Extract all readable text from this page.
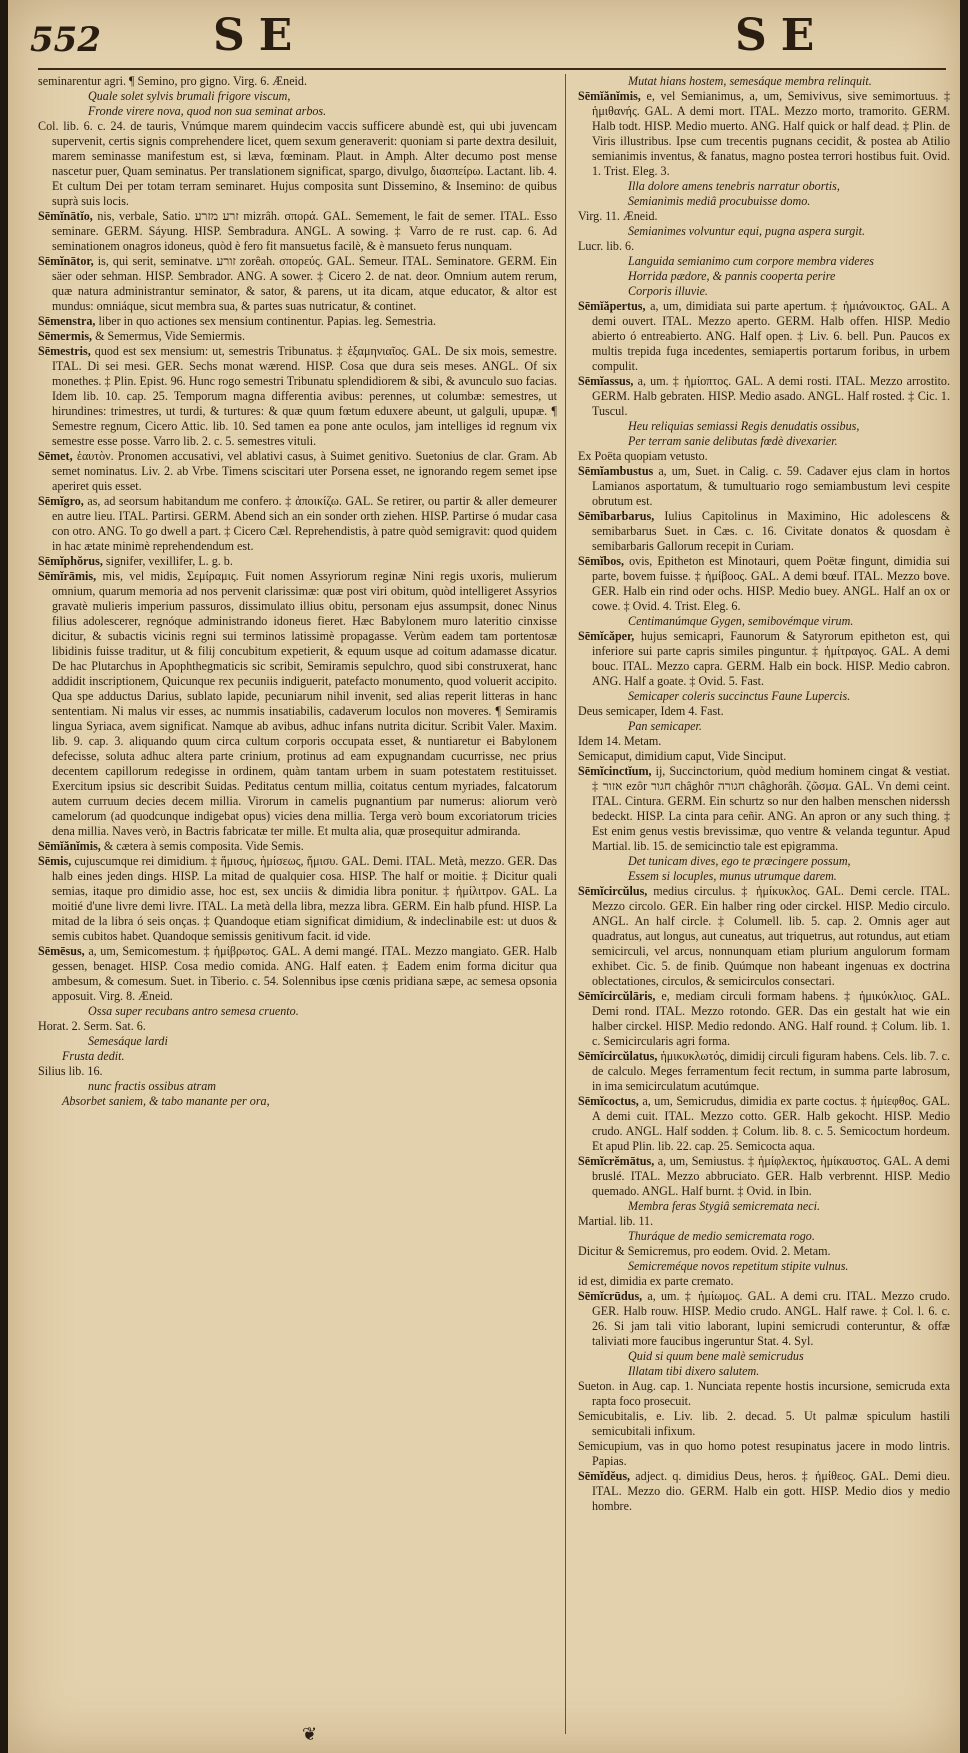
552	SE	SE

seminarentur agri. ¶ Semino, pro gigno. Virg. 6. Æneid.

Quale solet sylvis brumali frigore viscum,

Fronde virere nova, quod non sua seminat arbos.

Col. lib. 6. c. 24. de tauris, Vnúmque marem quindecim vaccis sufficere abundè est, qui ubi juvencam supervenit, certis signis comprehendere licet, quem sexum generaverit: quoniam si parte dextra desiluit, marem seminasse manifestum est, si læva, fœminam. Plaut. in Amph. Alter decumo post mense nascetur puer, Quam seminatus. Per translationem significat, spargo, divulgo, διασπείρω. Lactant. lib. 4. Et cultum Dei per totam terram seminaret. Hujus composita sunt Dissemino, & Insemino: de quibus suprà suis locis.

Sēmĭnātĭo, nis, verbale, Satio. זרע מזרע mizrâh. σπορά. GAL. Semement, le fait de semer. ITAL. Esso seminare. GERM. Sáyung. HISP. Sembradura. ANGL. A sowing. ‡ Varro de re rust. cap. 6. Ad seminationem onagros idoneus, quòd è fero fit mansuetus facilè, & è mansueto ferus nunquam.

Sēmĭnātor, is, qui serit, seminatve. זורע zorêah. σπορεύς. GAL. Semeur. ITAL. Seminatore. GERM. Ein säer oder sehman. HISP. Sembrador. ANG. A sower. ‡ Cicero 2. de nat. deor. Omnium autem rerum, quæ natura administrantur seminator, & sator, & parens, ut ita dicam, atque educator, & altor est mundus: omniáque, sicut membra sua, & partes suas nutricatur, & continet.

Sēmenstra, liber in quo actiones sex mensium continentur. Papias. leg. Semestria.

Sēmermis, & Semermus, Vide Semiermis.

Sēmestris, quod est sex mensium: ut, semestris Tribunatus. ‡ ἑξαμηνιαῖος. GAL. De six mois, semestre. ITAL. Di sei mesi. GER. Sechs monat wærend. HISP. Cosa que dura seis meses. ANGL. Of six monethes. ‡ Plin. Epist. 96. Hunc rogo semestri Tribunatu splendidiorem & sibi, & avunculo suo facias. Idem lib. 10. cap. 25. Temporum magna differentia avibus: perennes, ut columbæ: semestres, ut hirundines: trimestres, ut turdi, & turtures: & quæ quum fœtum eduxere abeunt, ut galguli, upupæ. ¶ Semestre regnum, Cicero Attic. lib. 10. Sed tamen ea pone ante oculos, jam intelliges id regnum vix semestre esse posse. Varro lib. 2. c. 5. semestres vituli.

Sēmet, ἑαυτὸν. Pronomen accusativi, vel ablativi casus, à Suimet genitivo. Suetonius de clar. Gram. Ab semet nominatus. Liv. 2. ab Vrbe. Timens sciscitari uter Porsena esset, ne ignorando regem semet ipse aperiret quis esset.

Sēmĭgro, as, ad seorsum habitandum me confero. ‡ ἀποικίζω. GAL. Se retirer, ou partir & aller demeurer en autre lieu. ITAL. Partirsi. GERM. Abend sich an ein sonder orth ziehen. HISP. Partirse ó mudar casa con otro. ANG. To go dwell a part. ‡ Cicero Cæl. Reprehendistis, à patre quòd semigravit: quod quidem in hac ætate minimè reprehendendum est.

Sēmĭphŏrus, signifer, vexillifer, L. g. b.

Sēmĭrāmis, mis, vel midis, Σεμίραμις. Fuit nomen Assyriorum reginæ Nini regis uxoris, mulierum omnium, quarum memoria ad nos pervenit clarissimæ: quæ post viri obitum, quòd intelligeret Assyrios gravatè mulieris imperium passuros, dissimulato illius obitu, personam ejus assumpsit, donec Ninus filius adolescerer, regnóque administrando idoneus fieret. Hæc Babylonem muro lateritio cinxisse dicitur, & subactis vicinis regni sui terminos latissimè propagasse. Verùm eadem tam portentosæ libidinis fuisse traditur, ut & filij concubitum expetierit, & equum usque ad coitum adamasse dicatur. De hac Plutarchus in Apophthegmaticis sic scribit, Semiramis sepulchro, quod sibi construxerat, hanc addidit inscriptionem, Quicunque rex pecuniis indiguerit, patefacto monumento, quod voluerit accipito. Qua spe adductus Darius, sublato lapide, pecuniarum nihil invenit, sed alias reperit litteras in hanc sententiam. Ni malus vir esses, ac nummis insatiabilis, cadaverum loculos non moveres. ¶ Semiramis lingua Syriaca, avem significat. Namque ab avibus, adhuc infans nutrita dicitur. Scribit Valer. Maxim. lib. 9. cap. 3. aliquando quum circa cultum corporis occupata esset, & nuntiaretur ei Babylonem defecisse, soluta adhuc altera parte crinium, protinus ad eam expugnandam cucurrisse, nec prius decentem capillorum redegisse in ordinem, quàm tantam urbem in suam potestatem restituisset. Exercitum ipsius sic describit Suidas. Peditatus centum millia, coitatus centum myriades, falcatorum autem curruum decies decem millia. Virorum in camelis pugnantium par numerus: aliorum verò camelorum (ad quodcunque indigebat opus) vicies dena millia. Terga verò boum excoriatorum tricies dena millia. Naves verò, in Bactris fabricatæ ter mille. Et multa alia, quæ prosequitur admiranda.

Sēmĭănĭmis, & cætera à semis composita. Vide Semis.

Sēmis, cujuscumque rei dimidium. ‡ ἥμισυς, ἡμίσεως, ἥμισυ. GAL. Demi. ITAL. Metà, mezzo. GER. Das halb eines jeden dings. HISP. La mitad de qualquier cosa. HISP. The half or moitie. ‡ Dicitur quali semias, itaque pro dimidio asse, hoc est, sex unciis & dimidia libra ponitur. ‡ ἡμίλιτρον. GAL. La moitié d'une livre demi livre. ITAL. La metà della libra, mezza libra. GERM. Ein halb pfund. HISP. La mitad de la libra ó seis onças. ‡ Quandoque etiam significat dimidium, & indeclinabile est: ut duos & semis cubitos habet. Quandoque semissis genitivum facit. id vide.

Sēmēsus, a, um, Semicomestum. ‡ ἡμίβρωτος. GAL. A demi mangé. ITAL. Mezzo mangiato. GER. Halb gessen, benaget. HISP. Cosa medio comida. ANG. Half eaten. ‡ Eadem enim forma dicitur qua ambesum, & comesum. Suet. in Tiberio. c. 54. Solennibus ipse cœnis pridiana sæpe, ac semesa opsonia apposuit. Virg. 8. Æneid.

Ossa super recubans antro semesa cruento.

Horat. 2. Serm. Sat. 6.

Semesáque lardi

Frusta dedit.

Silius lib. 16.

nunc fractis ossibus atram

Absorbet saniem, & tabo manante per ora,

Mutat hians hostem, semesáque membra relinquit.

Sēmĭănĭmis, e, vel Semianimus, a, um, Semivivus, sive semimortuus. ‡ ἡμιθανής. GAL. A demi mort. ITAL. Mezzo morto, tramorito. GERM. Halb todt. HISP. Medio muerto. ANG. Half quick or half dead. ‡ Plin. de Viris illustribus. Ipse cum trecentis pugnans cecidit, & postea ab Atilio semianimis inventus, & fanatus, magno postea terrori hostibus fuit. Ovid. 1. Trist. Eleg. 3.

Illa dolore amens tenebris narratur obortis,

Semianimis mediâ procubuisse domo.

Virg. 11. Æneid.

Semianimes volvuntur equi, pugna aspera surgit.

Lucr. lib. 6.

Languida semianimo cum corpore membra videres

Horrida pædore, & pannis cooperta perire

Corporis illuvie.

Sēmĭăpertus, a, um, dimidiata sui parte apertum. ‡ ἡμιάνοικτος. GAL. A demi ouvert. ITAL. Mezzo aperto. GERM. Halb offen. HISP. Medio abierto ó entreabierto. ANG. Half open. ‡ Liv. 6. bell. Pun. Paucos ex multis trepida fuga incedentes, semiapertis portarum foribus, in urbem compulit.

Sēmĭassus, a, um. ‡ ἡμίοπτος. GAL. A demi rosti. ITAL. Mezzo arrostito. GERM. Halb gebraten. HISP. Medio asado. ANGL. Half rosted. ‡ Cic. 1. Tuscul.

Heu reliquias semiassi Regis denudatis ossibus,

Per terram sanie delibutas fœdè divexarier.

Ex Poëta quopiam vetusto.

Sēmĭambustus a, um, Suet. in Calig. c. 59. Cadaver ejus clam in hortos Lamianos asportatum, & tumultuario rogo semiambustum levi cespite obrutum est.

Sēmĭbarbarus, Iulius Capitolinus in Maximino, Hic adolescens & semibarbarus Suet. in Cæs. c. 16. Civitate donatos & quosdam è semibarbaris Gallorum recepit in Curiam.

Sēmĭbos, ovis, Epitheton est Minotauri, quem Poëtæ fingunt, dimidia sui parte, bovem fuisse. ‡ ἡμίβοος. GAL. A demi bœuf. ITAL. Mezzo bove. GER. Halb ein rind oder ochs. HISP. Medio buey. ANGL. Half an ox or cowe. ‡ Ovid. 4. Trist. Eleg. 6.

Centimanúmque Gygen, semibovémque virum.

Sēmĭcăper, hujus semicapri, Faunorum & Satyrorum epitheton est, qui inferiore sui parte capris similes pinguntur. ‡ ἡμίτραγος. GAL. A demi bouc. ITAL. Mezzo capra. GERM. Halb ein bock. HISP. Medio cabron. ANG. Half a goate. ‡ Ovid. 5. Fast.

Semicaper coleris succinctus Faune Lupercis.

Deus semicaper, Idem 4. Fast.

Pan semicaper.

Idem 14. Metam.

Semicaput, dimidium caput, Vide Sinciput.

Sēmĭcinctĭum, ij, Succinctorium, quòd medium hominem cingat & vestiat. ‡ אזור ezôr חגור châghôr חגורה châghorâh. ζῶσμα. GAL. Vn demi ceint. ITAL. Cintura. GERM. Ein schurtz so nur den halben menschen niderssh bedeckt. HISP. La cinta para ceñir. ANG. An apron or any such thing. ‡ Est enim genus vestis brevissimæ, quo ventre & velanda teguntur. Apud Martial. lib. 15. de semicinctio tale est epigramma.

Det tunicam dives, ego te præcingere possum,

Essem si locuples, munus utrumque darem.

Sēmĭcircŭlus, medius circulus. ‡ ἡμίκυκλος. GAL. Demi cercle. ITAL. Mezzo circolo. GER. Ein halber ring oder circkel. HISP. Medio circulo. ANGL. An half circle. ‡ Columell. lib. 5. cap. 2. Omnis ager aut quadratus, aut longus, aut cuneatus, aut triquetrus, aut rotundus, aut etiam semicirculi, vel arcus, nonnunquam etiam plurium angulorum formam exhibet. Cic. 5. de finib. Quúmque non habeant ingenuas ex doctrina oblectationes, circulos, & semicirculos consectari.

Sēmĭcircŭlāris, e, mediam circuli formam habens. ‡ ἡμικύκλιος. GAL. Demi rond. ITAL. Mezzo rotondo. GER. Das ein gestalt hat wie ein halber circkel. HISP. Medio redondo. ANG. Half round. ‡ Colum. lib. 1. c. Semicircularis agri forma.

Sēmĭcircŭlatus, ἡμικυκλωτός, dimidij circuli figuram habens. Cels. lib. 7. c. de calculo. Meges ferramentum fecit rectum, in summa parte labrosum, in ima semicirculatum acutúmque.

Sēmĭcoctus, a, um, Semicrudus, dimidia ex parte coctus. ‡ ἡμίεφθος. GAL. A demi cuit. ITAL. Mezzo cotto. GER. Halb gekocht. HISP. Medio crudo. ANGL. Half sodden. ‡ Colum. lib. 8. c. 5. Semicoctum hordeum. Et apud Plin. lib. 22. cap. 25. Semicocta aqua.

Sēmĭcrĕmātus, a, um, Semiustus. ‡ ἡμίφλεκτος, ἡμίκαυστος. GAL. A demi bruslé. ITAL. Mezzo abbruciato. GER. Halb verbrennt. HISP. Medio quemado. ANGL. Half burnt. ‡ Ovid. in Ibin.

Membra feras Stygiâ semicremata neci.

Martial. lib. 11.

Thuráque de medio semicremata rogo.

Dicitur & Semicremus, pro eodem. Ovid. 2. Metam.

Semicreméque novos repetitum stipite vulnus.

id est, dimidia ex parte cremato.

Sēmĭcrūdus, a, um. ‡ ἡμίωμος. GAL. A demi cru. ITAL. Mezzo crudo. GER. Halb rouw. HISP. Medio crudo. ANGL. Half rawe. ‡ Col. l. 6. c. 26. Si jam tali vitio laborant, lupini semicrudi conteruntur, & offæ taliviati more faucibus ingeruntur Stat. 4. Syl.

Quid si quum bene malè semicrudus

Illatam tibi dixero salutem.

Sueton. in Aug. cap. 1. Nunciata repente hostis incursione, semicruda exta rapta foco prosecuit.

Semicubitalis, e. Liv. lib. 2. decad. 5. Ut palmæ spiculum hastili semicubitali infixum.

Semicupium, vas in quo homo potest resupinatus jacere in modo lintris. Papias.

Sēmĭdĕus, adject. q. dimidius Deus, heros. ‡ ἡμίθεος. GAL. Demi dieu. ITAL. Mezzo dio. GERM. Halb ein gott. HISP. Medio dios y medio hombre.

❦
